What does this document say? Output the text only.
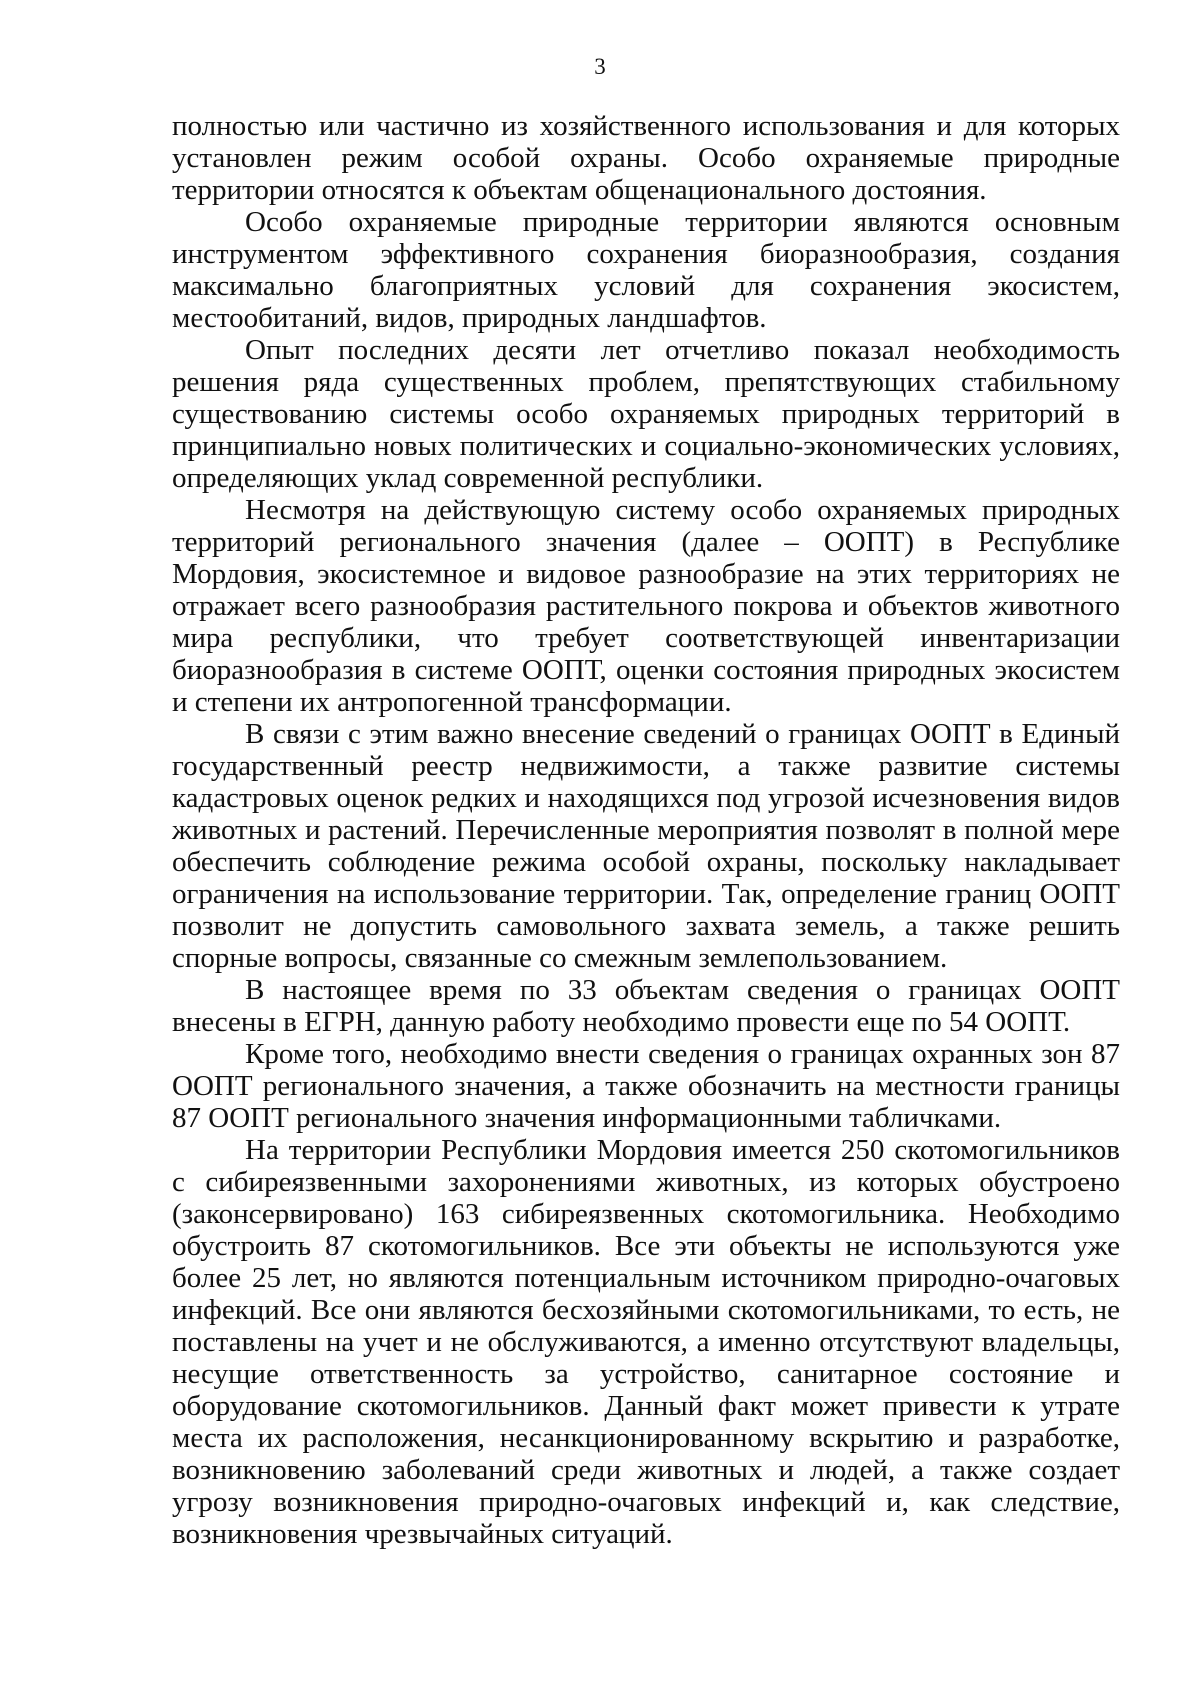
3

полностью или частично из хозяйственного использования и для которых установлен режим особой охраны. Особо охраняемые природные территории относятся к объектам общенационального достояния.

Особо охраняемые природные территории являются основным инструментом эффективного сохранения биоразнообразия, создания максимально благоприятных условий для сохранения экосистем, местообитаний, видов, природных ландшафтов.

Опыт последних десяти лет отчетливо показал необходимость решения ряда существенных проблем, препятствующих стабильному существованию системы особо охраняемых природных территорий в принципиально новых политических и социально-экономических условиях, определяющих уклад современной республики.

Несмотря на действующую систему особо охраняемых природных территорий регионального значения (далее – ООПТ) в Республике Мордовия, экосистемное и видовое разнообразие на этих территориях не отражает всего разнообразия растительного покрова и объектов животного мира республики, что требует соответствующей инвентаризации биоразнообразия в системе ООПТ, оценки состояния природных экосистем и степени их антропогенной трансформации.

В связи с этим важно внесение сведений о границах ООПТ в Единый государственный реестр недвижимости, а также развитие системы кадастровых оценок редких и находящихся под угрозой исчезновения видов животных и растений. Перечисленные мероприятия позволят в полной мере обеспечить соблюдение режима особой охраны, поскольку накладывает ограничения на использование территории. Так, определение границ ООПТ позволит не допустить самовольного захвата земель, а также решить спорные вопросы, связанные со смежным землепользованием.

В настоящее время по 33 объектам сведения о границах ООПТ внесены в ЕГРН, данную работу необходимо провести еще по 54 ООПТ.

Кроме того, необходимо внести сведения о границах охранных зон 87 ООПТ регионального значения, а также обозначить на местности границы 87 ООПТ регионального значения информационными табличками.

На территории Республики Мордовия имеется 250 скотомогильников с сибиреязвенными захоронениями животных, из которых обустроено (законсервировано) 163 сибиреязвенных скотомогильника. Необходимо обустроить 87 скотомогильников. Все эти объекты не используются уже более 25 лет, но являются потенциальным источником природно-очаговых инфекций. Все они являются бесхозяйными скотомогильниками, то есть, не поставлены на учет и не обслуживаются, а именно отсутствуют владельцы, несущие ответственность за устройство, санитарное состояние и оборудование скотомогильников. Данный факт может привести к утрате места их расположения, несанкционированному вскрытию и разработке, возникновению заболеваний среди животных и людей, а также создает угрозу возникновения природно-очаговых инфекций и, как следствие, возникновения чрезвычайных ситуаций.
